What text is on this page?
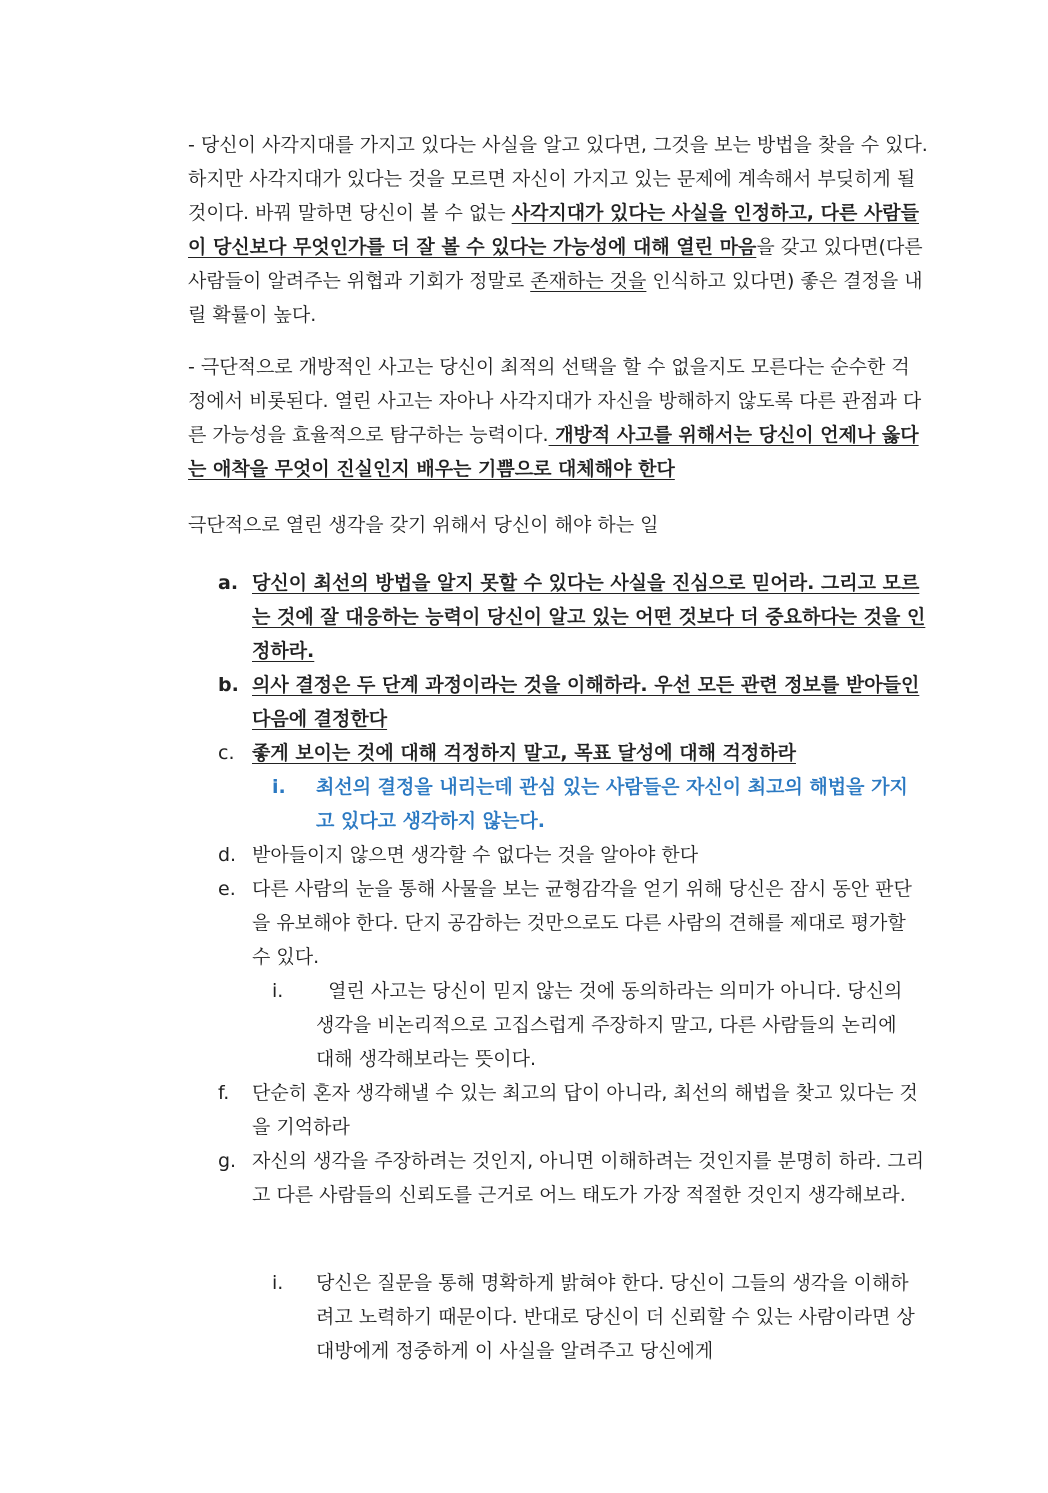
- 당신이 사각지대를 가지고 있다는 사실을 알고 있다면, 그것을 보는 방법을 찾을 수 있다. 하지만 사각지대가 있다는 것을 모르면 자신이 가지고 있는 문제에 계속해서 부딪히게 될 것이다. 바꿔 말하면 당신이 볼 수 없는 사각지대가 있다는 사실을 인정하고, 다른 사람들이 당신보다 무엇인가를 더 잘 볼 수 있다는 가능성에 대해 열린 마음을 갖고 있다면(다른 사람들이 알려주는 위협과 기회가 정말로 존재하는 것을 인식하고 있다면) 좋은 결정을 내릴 확률이 높다.

- 극단적으로 개방적인 사고는 당신이 최적의 선택을 할 수 없을지도 모른다는 순수한 걱정에서 비롯된다. 열린 사고는 자아나 사각지대가 자신을 방해하지 않도록 다른 관점과 다른 가능성을 효율적으로 탐구하는 능력이다. 개방적 사고를 위해서는 당신이 언제나 옳다는 애착을 무엇이 진실인지 배우는 기쁨으로 대체해야 한다

극단적으로 열린 생각을 갖기 위해서 당신이 해야 하는 일

a. 당신이 최선의 방법을 알지 못할 수 있다는 사실을 진심으로 믿어라. 그리고 모르는 것에 잘 대응하는 능력이 당신이 알고 있는 어떤 것보다 더 중요하다는 것을 인정하라.

b. 의사 결정은 두 단계 과정이라는 것을 이해하라. 우선 모든 관련 정보를 받아들인 다음에 결정한다

c. 좋게 보이는 것에 대해 걱정하지 말고, 목표 달성에 대해 걱정하라

i. 최선의 결정을 내리는데 관심 있는 사람들은 자신이 최고의 해법을 가지고 있다고 생각하지 않는다.

d. 받아들이지 않으면 생각할 수 없다는 것을 알아야 한다

e. 다른 사람의 눈을 통해 사물을 보는 균형감각을 얻기 위해 당신은 잠시 동안 판단을 유보해야 한다. 단지 공감하는 것만으로도 다른 사람의 견해를 제대로 평가할 수 있다.

i. 열린 사고는 당신이 믿지 않는 것에 동의하라는 의미가 아니다. 당신의 생각을 비논리적으로 고집스럽게 주장하지 말고, 다른 사람들의 논리에 대해 생각해보라는 뜻이다.

f. 단순히 혼자 생각해낼 수 있는 최고의 답이 아니라, 최선의 해법을 찾고 있다는 것을 기억하라

g. 자신의 생각을 주장하려는 것인지, 아니면 이해하려는 것인지를 분명히 하라. 그리고 다른 사람들의 신뢰도를 근거로 어느 태도가 가장 적절한 것인지 생각해보라.

i. 당신은 질문을 통해 명확하게 밝혀야 한다. 당신이 그들의 생각을 이해하려고 노력하기 때문이다. 반대로 당신이 더 신뢰할 수 있는 사람이라면 상대방에게 정중하게 이 사실을 알려주고 당신에게
